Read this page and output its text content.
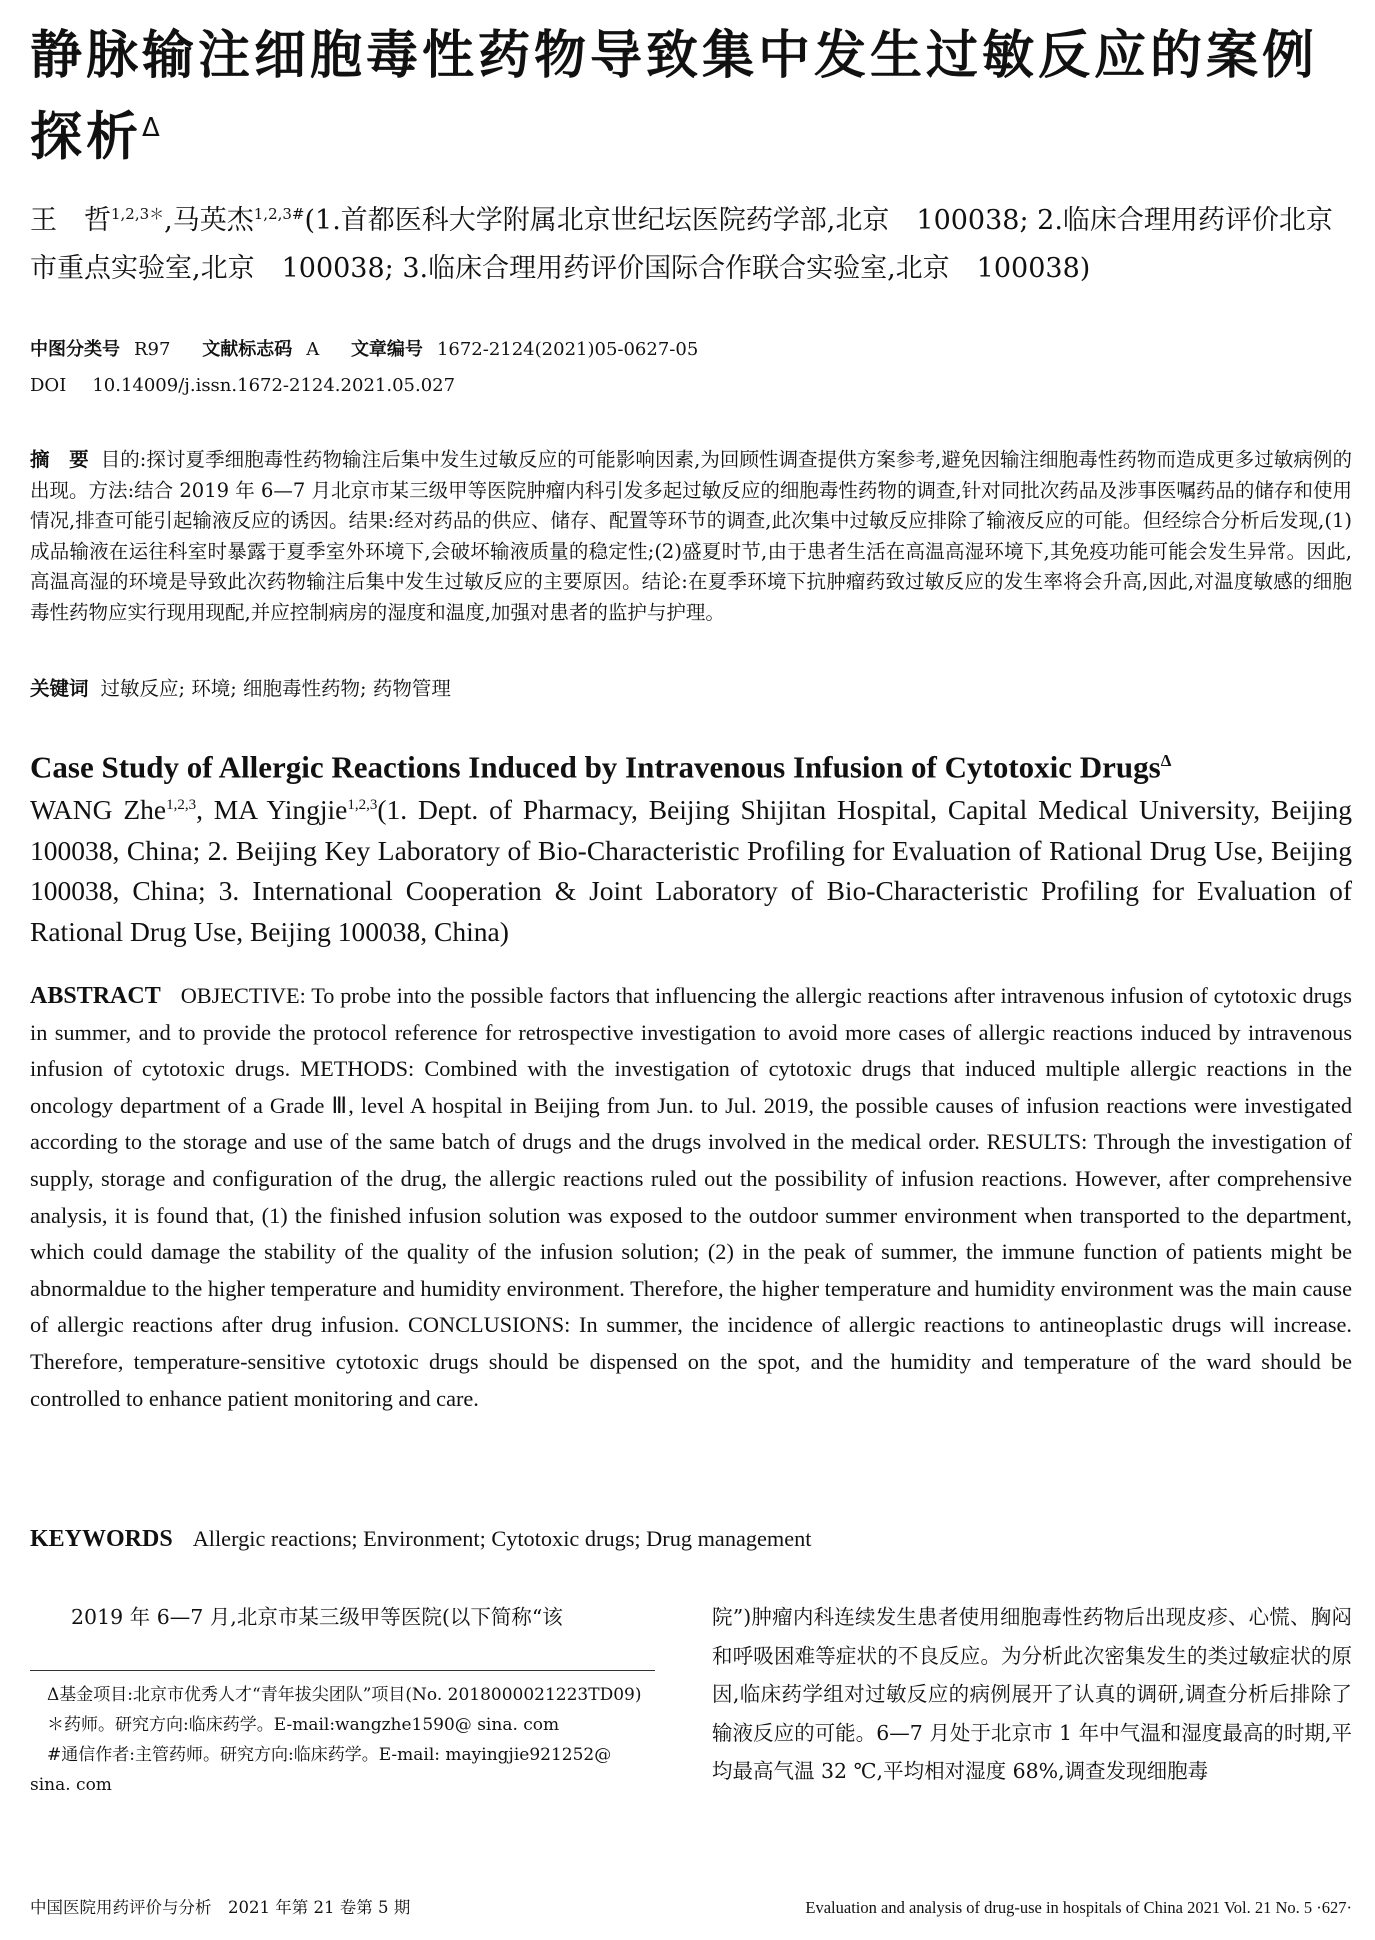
静脉输注细胞毒性药物导致集中发生过敏反应的案例探析$^\Delta$
王　哲$^{1,2,3*}$,马英杰$^{1,2,3\#}$(1.首都医科大学附属北京世纪坛医院药学部,北京　100038; 2.临床合理用药评价北京市重点实验室,北京　100038; 3.临床合理用药评价国际合作联合实验室,北京　100038)
中图分类号 R97 文献标志码 A 文章编号 1672-2124(2021)05-0627-05
DOI 10.14009/j.issn.1672-2124.2021.05.027
摘　要 目的:探讨夏季细胞毒性药物输注后集中发生过敏反应的可能影响因素,为回顾性调查提供方案参考,避免因输注细胞毒性药物而造成更多过敏病例的出现。方法:结合 2019 年 6—7 月北京市某三级甲等医院肿瘤内科引发多起过敏反应的细胞毒性药物的调查,针对同批次药品及涉事医嘱药品的储存和使用情况,排查可能引起输液反应的诱因。结果:经对药品的供应、储存、配置等环节的调查,此次集中过敏反应排除了输液反应的可能。但经综合分析后发现,(1)成品输液在运往科室时暴露于夏季室外环境下,会破坏输液质量的稳定性;(2)盛夏时节,由于患者生活在高温高湿环境下,其免疫功能可能会发生异常。因此,高温高湿的环境是导致此次药物输注后集中发生过敏反应的主要原因。结论:在夏季环境下抗肿瘤药致过敏反应的发生率将会升高,因此,对温度敏感的细胞毒性药物应实行现用现配,并应控制病房的湿度和温度,加强对患者的监护与护理。
关键词 过敏反应; 环境; 细胞毒性药物; 药物管理
Case Study of Allergic Reactions Induced by Intravenous Infusion of Cytotoxic Drugs$^\Delta$
WANG Zhe$^{1,2,3}$, MA Yingjie$^{1,2,3}$(1. Dept. of Pharmacy, Beijing Shijitan Hospital, Capital Medical University, Beijing 100038, China; 2. Beijing Key Laboratory of Bio-Characteristic Profiling for Evaluation of Rational Drug Use, Beijing 100038, China; 3. International Cooperation & Joint Laboratory of Bio-Characteristic Profiling for Evaluation of Rational Drug Use, Beijing 100038, China)
ABSTRACT OBJECTIVE: To probe into the possible factors that influencing the allergic reactions after intravenous infusion of cytotoxic drugs in summer, and to provide the protocol reference for retrospective investigation to avoid more cases of allergic reactions induced by intravenous infusion of cytotoxic drugs. METHODS: Combined with the investigation of cytotoxic drugs that induced multiple allergic reactions in the oncology department of a Grade Ⅲ, level A hospital in Beijing from Jun. to Jul. 2019, the possible causes of infusion reactions were investigated according to the storage and use of the same batch of drugs and the drugs involved in the medical order. RESULTS: Through the investigation of supply, storage and configuration of the drug, the allergic reactions ruled out the possibility of infusion reactions. However, after comprehensive analysis, it is found that, (1) the finished infusion solution was exposed to the outdoor summer environment when transported to the department, which could damage the stability of the quality of the infusion solution; (2) in the peak of summer, the immune function of patients might be abnormaldue to the higher temperature and humidity environment. Therefore, the higher temperature and humidity environment was the main cause of allergic reactions after drug infusion. CONCLUSIONS: In summer, the incidence of allergic reactions to antineoplastic drugs will increase. Therefore, temperature-sensitive cytotoxic drugs should be dispensed on the spot, and the humidity and temperature of the ward should be controlled to enhance patient monitoring and care.
KEYWORDS Allergic reactions; Environment; Cytotoxic drugs; Drug management
2019 年 6—7 月,北京市某三级甲等医院(以下简称“该

Δ基金项目:北京市优秀人才“青年拔尖团队”项目(No. 2018000021223TD09)

＊药师。研究方向:临床药学。E-mail:wangzhe1590@ sina. com

#通信作者:主管药师。研究方向:临床药学。E-mail: mayingjie921252@ sina. com

院”)肿瘤内科连续发生患者使用细胞毒性药物后出现皮疹、心慌、胸闷和呼吸困难等症状的不良反应。为分析此次密集发生的类过敏症状的原因,临床药学组对过敏反应的病例展开了认真的调研,调查分析后排除了输液反应的可能。6—7 月处于北京市 1 年中气温和湿度最高的时期,平均最高气温 32 ℃,平均相对湿度 68%,调查发现细胞毒
中国医院用药评价与分析　2021 年第 21 卷第 5 期	Evaluation and analysis of drug-use in hospitals of China 2021 Vol. 21 No. 5 ·627·
